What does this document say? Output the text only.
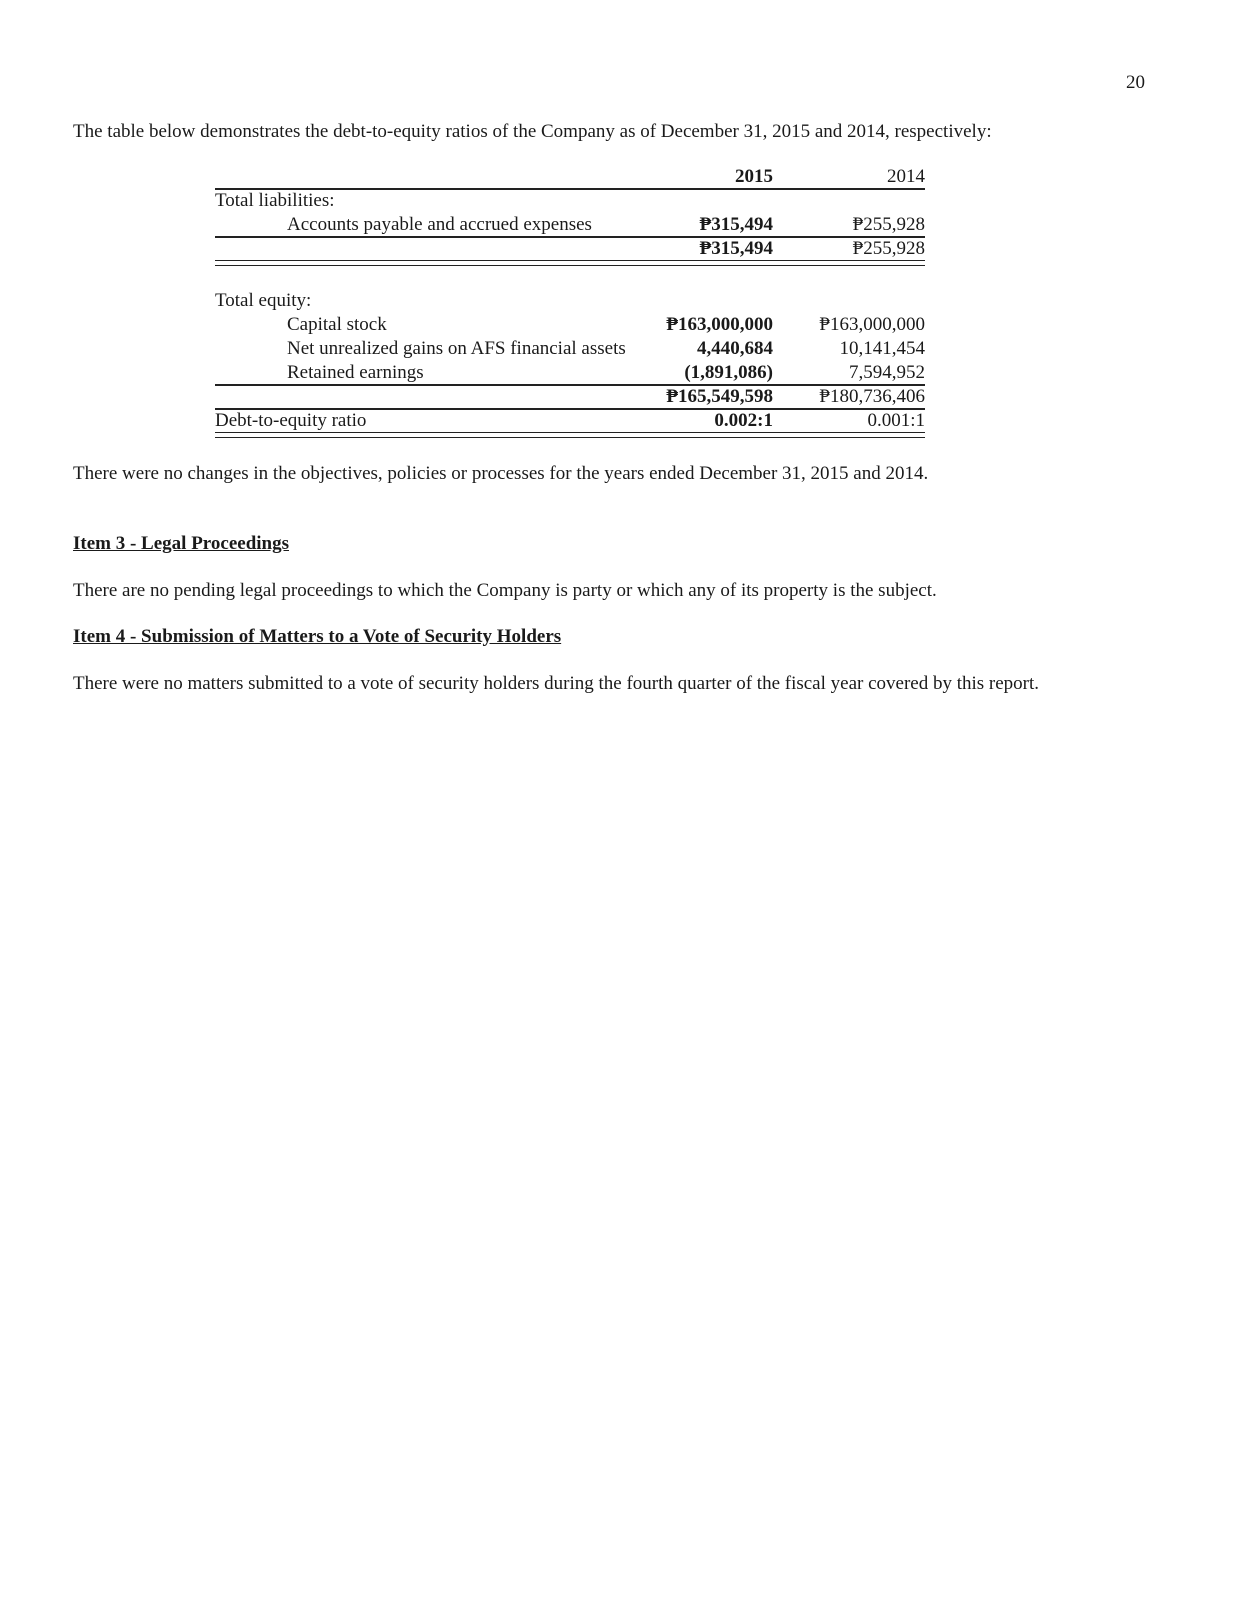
20
The table below demonstrates the debt-to-equity ratios of the Company as of December 31, 2015 and 2014, respectively:
2015	2014
Total liabilities:
Accounts payable and accrued expenses	₱315,494	₱255,928
₱315,494	₱255,928
Total equity:
Capital stock	₱163,000,000 ₱163,000,000
Net unrealized gains on AFS financial assets	4,440,684	10,141,454
Retained earnings	(1,891,086)	7,594,952
₱165,549,598 ₱180,736,406
Debt-to-equity ratio	0.002:1	0.001:1
There were no changes in the objectives, policies or processes for the years ended December 31, 2015 and 2014.
Item 3 - Legal Proceedings
There are no pending legal proceedings to which the Company is party or which any of its property is the subject.
Item 4 - Submission of Matters to a Vote of Security Holders
There were no matters submitted to a vote of security holders during the fourth quarter of the fiscal year covered by this report.
